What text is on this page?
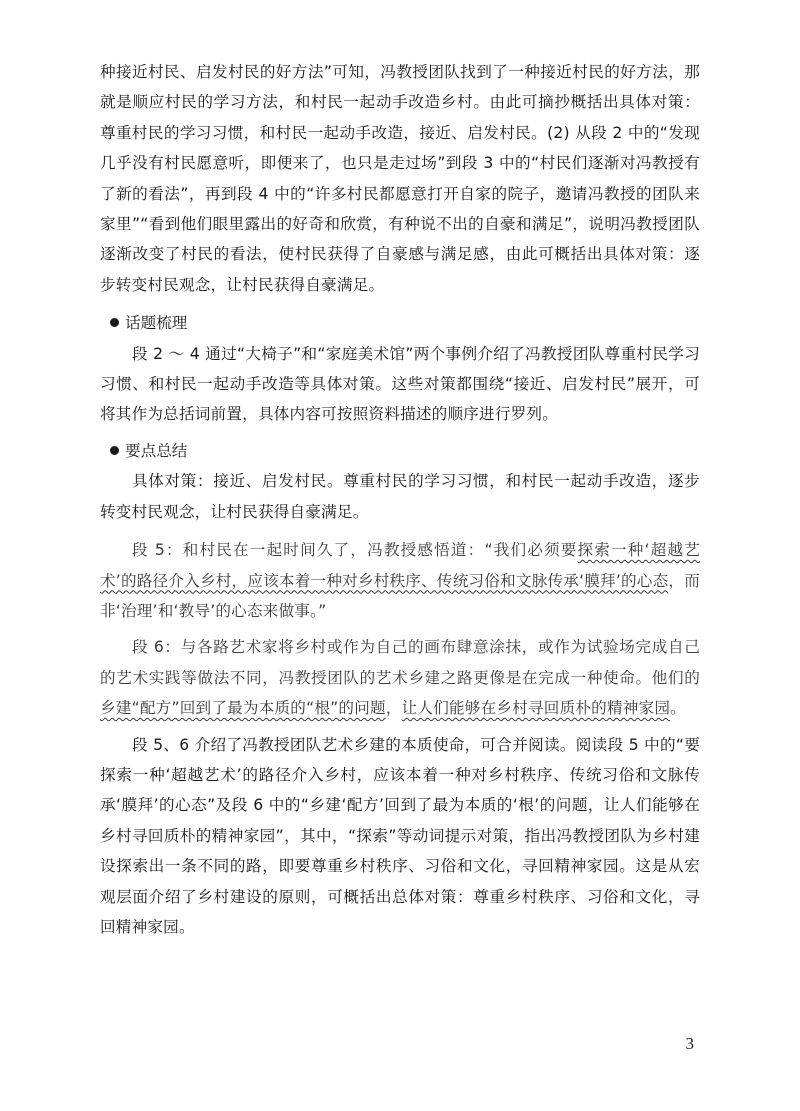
种接近村民、启发村民的好方法”可知，冯教授团队找到了一种接近村民的好方法，那就是顺应村民的学习方法，和村民一起动手改造乡村。由此可摘抄概括出具体对策：尊重村民的学习习惯，和村民一起动手改造，接近、启发村民。(2) 从段 2 中的“发现几乎没有村民愿意听，即便来了，也只是走过场”到段 3 中的“村民们逐渐对冯教授有了新的看法”，再到段 4 中的“许多村民都愿意打开自家的院子，邀请冯教授的团队来家里”“看到他们眼里露出的好奇和欣赏，有种说不出的自豪和满足”，说明冯教授团队逐渐改变了村民的看法，使村民获得了自豪感与满足感，由此可概括出具体对策：逐步转变村民观念，让村民获得自豪满足。

话题梳理

段 2 ～ 4 通过“大椅子”和“家庭美术馆”两个事例介绍了冯教授团队尊重村民学习习惯、和村民一起动手改造等具体对策。这些对策都围绕“接近、启发村民”展开，可将其作为总括词前置，具体内容可按照资料描述的顺序进行罗列。

要点总结

具体对策：接近、启发村民。尊重村民的学习习惯，和村民一起动手改造，逐步转变村民观念，让村民获得自豪满足。

段 5：和村民在一起时间久了，冯教授感悟道：“我们必须要探索一种‘超越艺术’的路径介入乡村，应该本着一种对乡村秩序、传统习俗和文脉传承‘膜拜’的心态，而非‘治理’和‘教导’的心态来做事。”

段 6：与各路艺术家将乡村或作为自己的画布肆意涂抹，或作为试验场完成自己的艺术实践等做法不同，冯教授团队的艺术乡建之路更像是在完成一种使命。他们的乡建“配方”回到了最为本质的“根”的问题，让人们能够在乡村寻回质朴的精神家园。

段 5、6 介绍了冯教授团队艺术乡建的本质使命，可合并阅读。阅读段 5 中的“要探索一种‘超越艺术’的路径介入乡村，应该本着一种对乡村秩序、传统习俗和文脉传承‘膜拜’的心态”及段 6 中的“乡建‘配方’回到了最为本质的‘根’的问题，让人们能够在乡村寻回质朴的精神家园”，其中，“探索”等动词提示对策，指出冯教授团队为乡村建设探索出一条不同的路，即要尊重乡村秩序、习俗和文化，寻回精神家园。这是从宏观层面介绍了乡村建设的原则，可概括出总体对策：尊重乡村秩序、习俗和文化，寻回精神家园。

3
